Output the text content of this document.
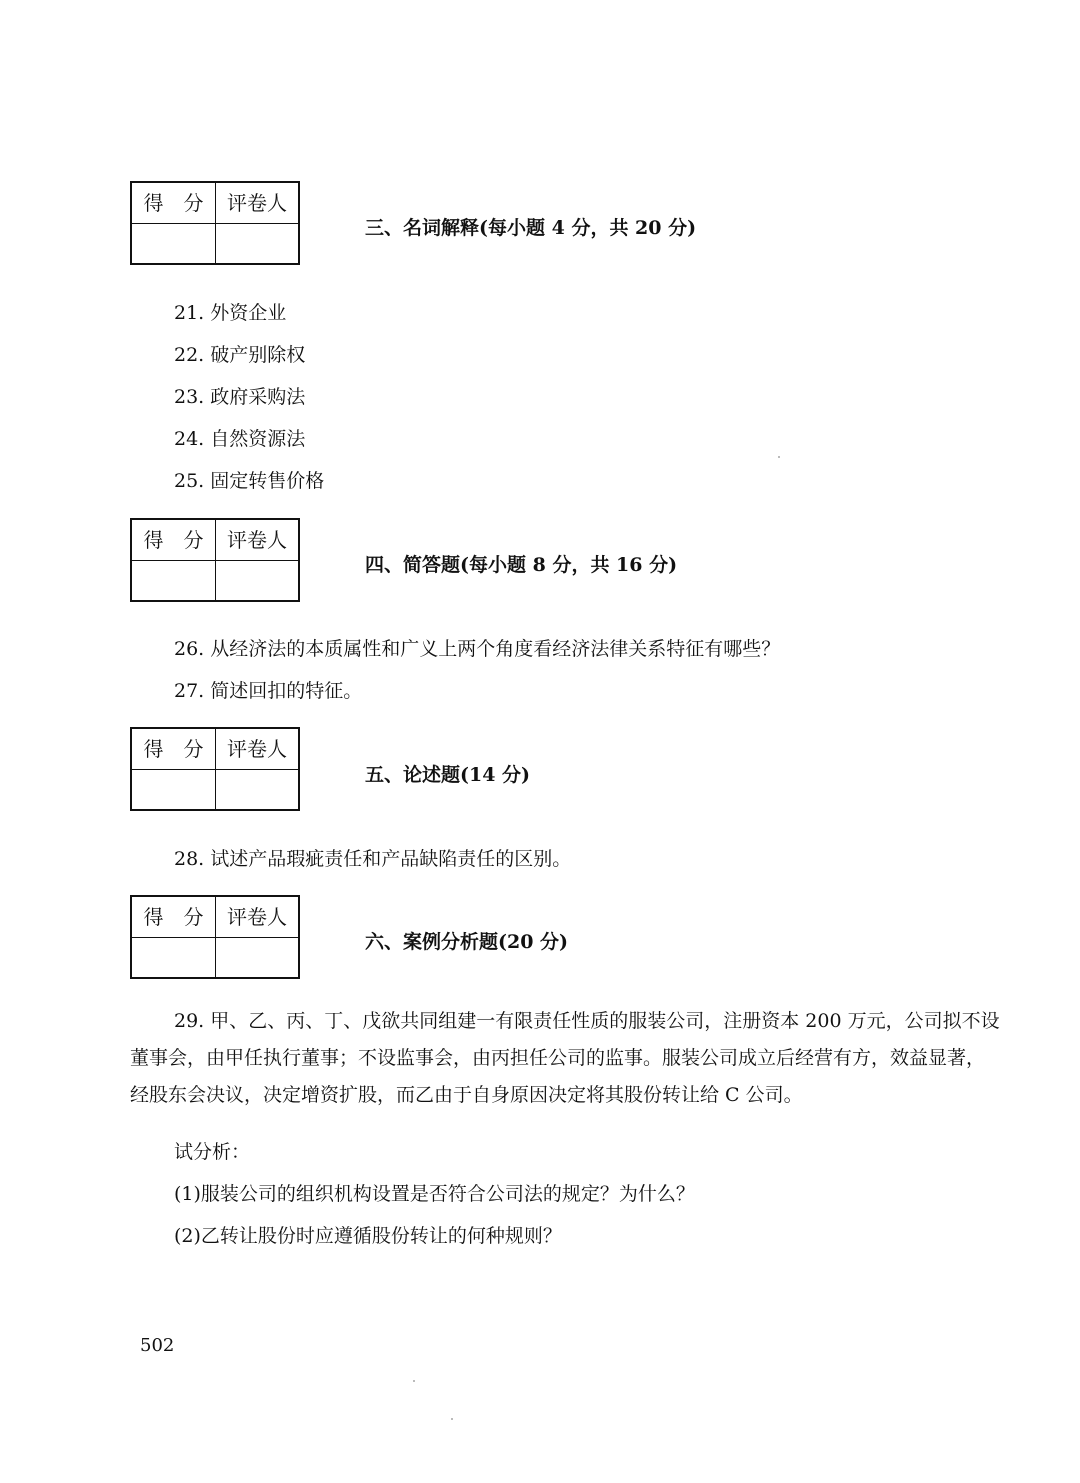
得　分	评卷人
三、名词解释(每小题 4 分，共 20 分)
21. 外资企业
22. 破产别除权
23. 政府采购法
24. 自然资源法
25. 固定转售价格
得　分	评卷人
四、简答题(每小题 8 分，共 16 分)
26. 从经济法的本质属性和广义上两个角度看经济法律关系特征有哪些？
27. 简述回扣的特征。
得　分	评卷人
五、论述题(14 分)
28. 试述产品瑕疵责任和产品缺陷责任的区别。
得　分	评卷人
六、案例分析题(20 分)
29. 甲、乙、丙、丁、戊欲共同组建一有限责任性质的服装公司，注册资本 200 万元，公司拟不设董事会，由甲任执行董事；不设监事会，由丙担任公司的监事。服装公司成立后经营有方，效益显著，经股东会决议，决定增资扩股，而乙由于自身原因决定将其股份转让给 C 公司。
试分析：
(1)服装公司的组织机构设置是否符合公司法的规定？为什么？
(2)乙转让股份时应遵循股份转让的何种规则？
502
